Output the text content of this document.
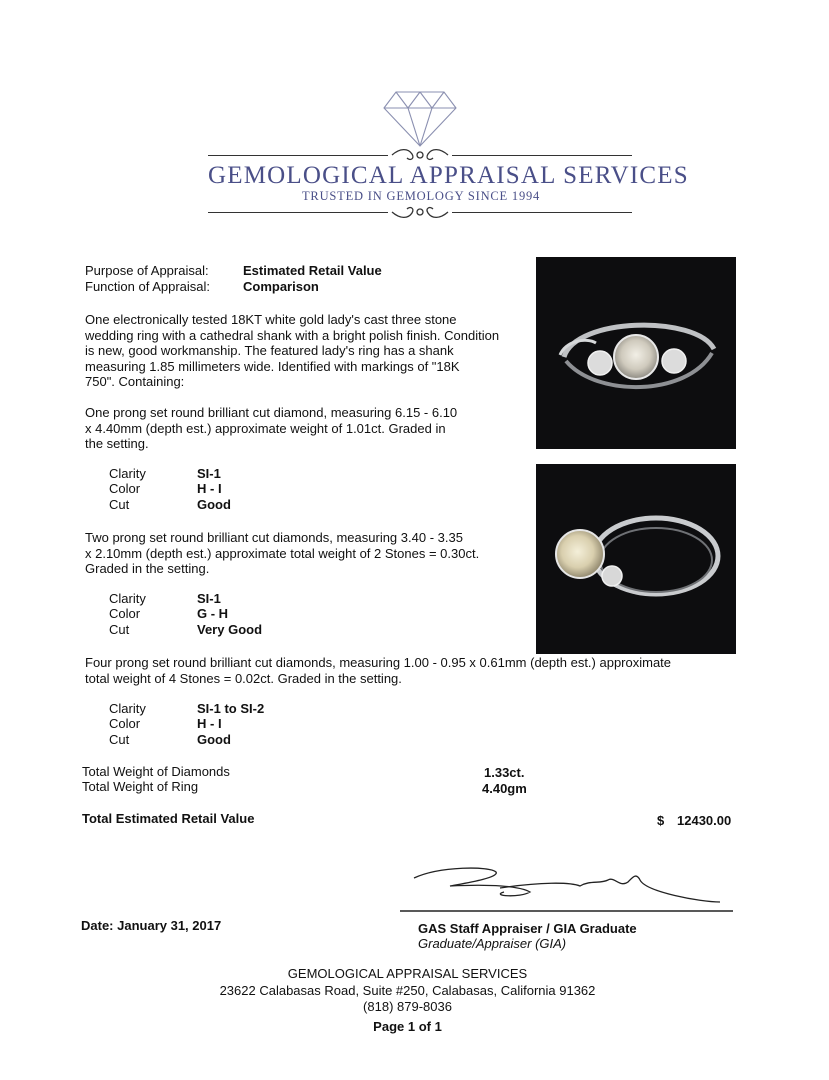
GEMOLOGICAL APPRAISAL SERVICES
TRUSTED IN GEMOLOGY SINCE 1994
Purpose of Appraisal:	Estimated Retail Value
Function of Appraisal:	Comparison
One electronically tested 18KT white gold lady's cast three stone
wedding ring with a cathedral shank with a bright polish finish. Condition
is new, good workmanship. The featured lady's ring has a shank
measuring 1.85 millimeters wide. Identified with markings of "18K
750". Containing:
One prong set round brilliant cut diamond, measuring 6.15 - 6.10
x 4.40mm (depth est.) approximate weight of 1.01ct. Graded in
the setting.
Clarity	SI-1
Color	H - I
Cut	Good
Two prong set round brilliant cut diamonds, measuring 3.40 - 3.35
x 2.10mm (depth est.) approximate total weight of 2 Stones = 0.30ct.
Graded in the setting.
Clarity	SI-1
Color	G - H
Cut	Very Good
Four prong set round brilliant cut diamonds, measuring 1.00 - 0.95 x 0.61mm (depth est.) approximate
total weight of 4 Stones = 0.02ct. Graded in the setting.
Clarity	SI-1 to SI-2
Color	H - I
Cut	Good
Total Weight of Diamonds	1.33ct.
Total Weight of Ring	4.40gm
Total Estimated Retail Value	$ 12430.00
Date: January 31, 2017	GAS Staff Appraiser / GIA Graduate
Graduate/Appraiser (GIA)
GEMOLOGICAL APPRAISAL SERVICES
23622 Calabasas Road, Suite #250, Calabasas, California 91362
(818) 879-8036
Page 1 of 1
